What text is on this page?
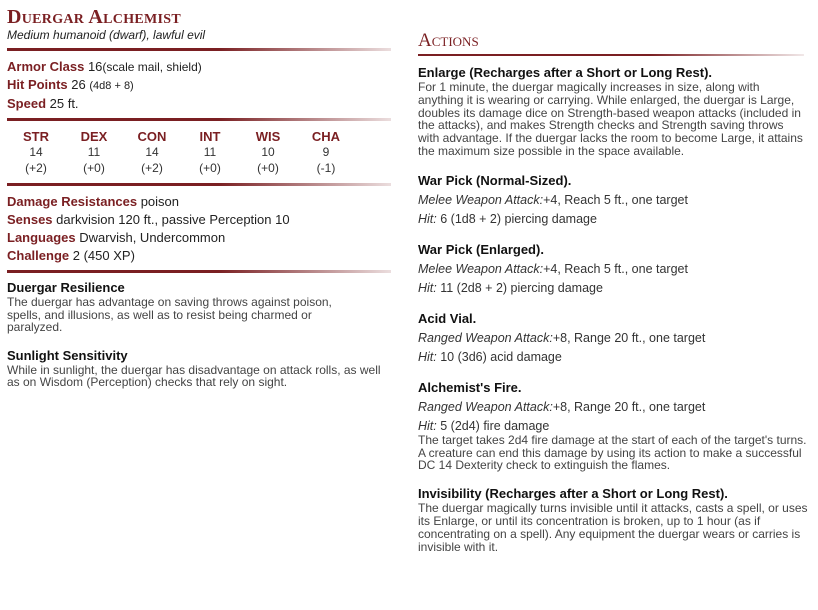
Duergar Alchemist
Medium humanoid (dwarf), lawful evil
Armor Class 16(scale mail, shield)
Hit Points 26 (4d8 + 8)
Speed 25 ft.
STR
14
(+2)
DEX
11
(+0)
CON
14
(+2)
INT
11
(+0)
WIS
10
(+0)
CHA
9
(-1)
Damage Resistances poison
Senses darkvision 120 ft., passive Perception 10
Languages Dwarvish, Undercommon
Challenge 2 (450 XP)
Duergar Resilience
The duergar has advantage on saving throws against poison, spells, and illusions, as well as to resist being charmed or paralyzed.
Sunlight Sensitivity
While in sunlight, the duergar has disadvantage on attack rolls, as well as on Wisdom (Perception) checks that rely on sight.
Actions
Enlarge (Recharges after a Short or Long Rest).
For 1 minute, the duergar magically increases in size, along with anything it is wearing or carrying. While enlarged, the duergar is Large, doubles its damage dice on Strength-based weapon attacks (included in the attacks), and makes Strength checks and Strength saving throws with advantage. If the duergar lacks the room to become Large, it attains the maximum size possible in the space available.
War Pick (Normal-Sized).
Melee Weapon Attack:+4, Reach 5 ft., one target
Hit: 6 (1d8 + 2) piercing damage
War Pick (Enlarged).
Melee Weapon Attack:+4, Reach 5 ft., one target
Hit: 11 (2d8 + 2) piercing damage
Acid Vial.
Ranged Weapon Attack:+8, Range 20 ft., one target
Hit: 10 (3d6) acid damage
Alchemist's Fire.
Ranged Weapon Attack:+8, Range 20 ft., one target
Hit: 5 (2d4) fire damage
The target takes 2d4 fire damage at the start of each of the target's turns. A creature can end this damage by using its action to make a successful DC 14 Dexterity check to extinguish the flames.
Invisibility (Recharges after a Short or Long Rest).
The duergar magically turns invisible until it attacks, casts a spell, or uses its Enlarge, or until its concentration is broken, up to 1 hour (as if concentrating on a spell). Any equipment the duergar wears or carries is invisible with it.
